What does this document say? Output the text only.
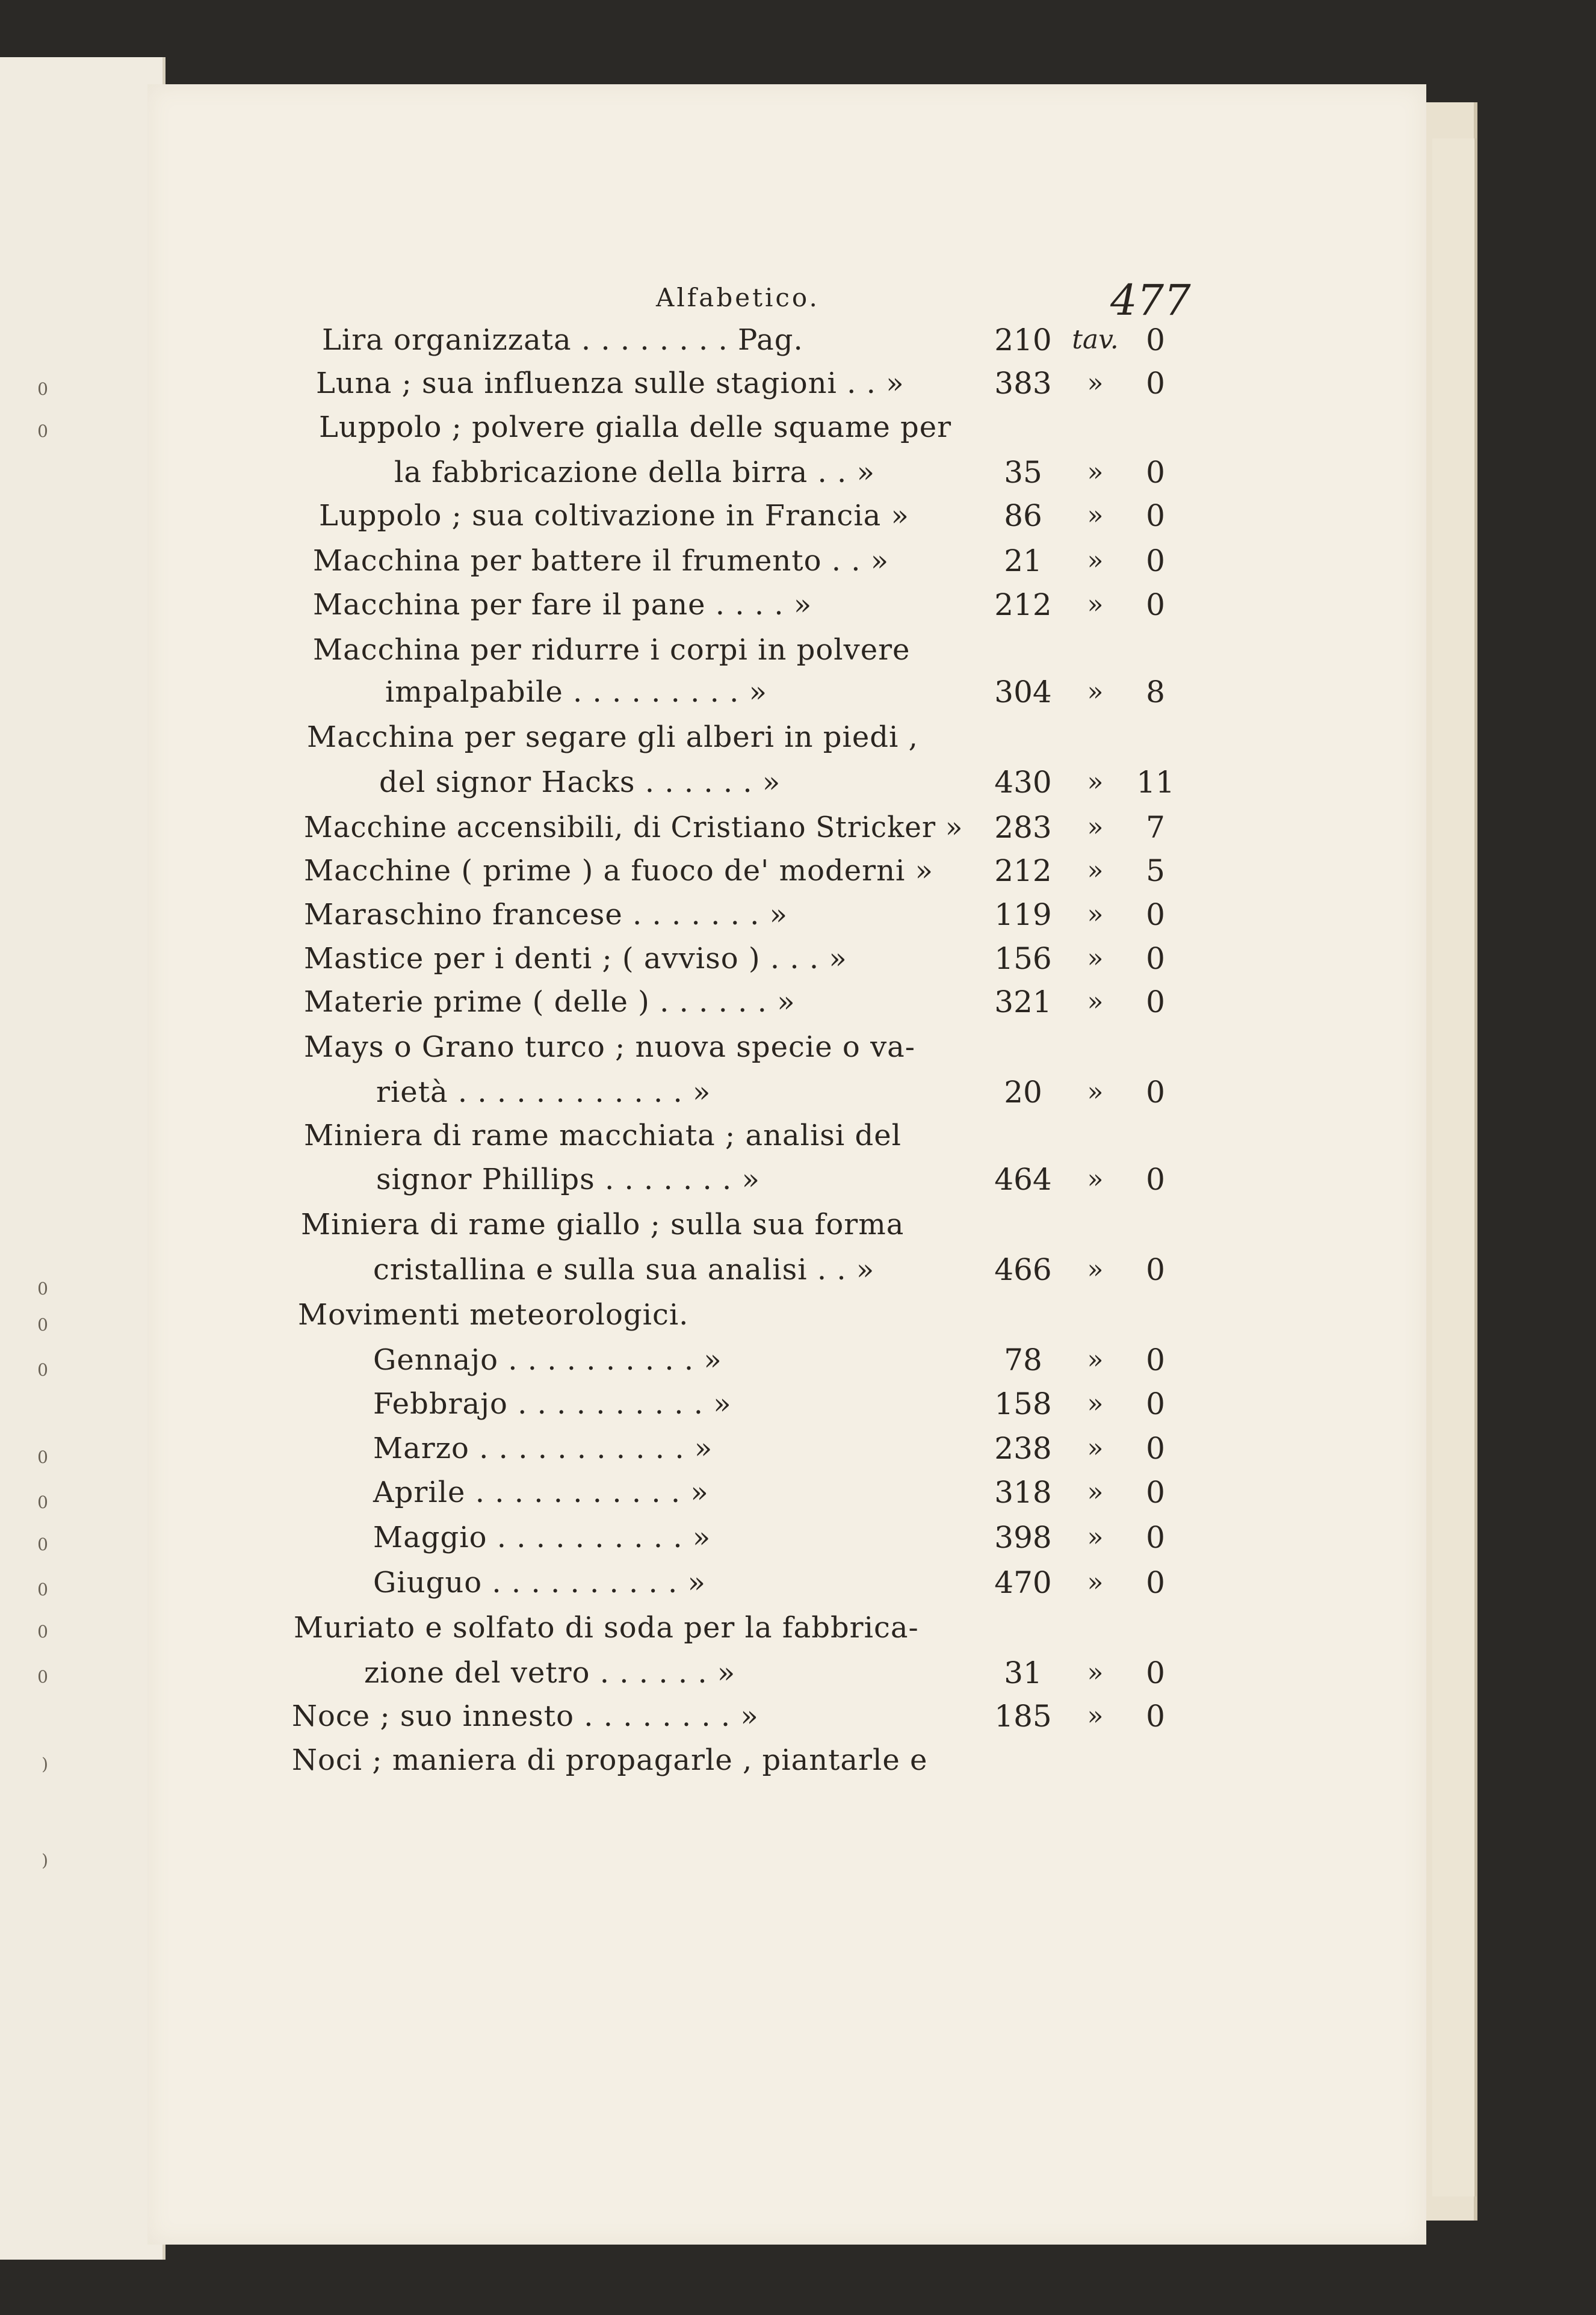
0
0
0
0
0
0
0
0
0
0
0
)
)
Alfabetico.	477
Lira organizzata . . . . . . . . Pag.	210 tav. 0
Luna ; sua influenza sulle stagioni . . »	383	»	0
Luppolo ; polvere gialla delle squame per
la fabbricazione della birra . . »	35	»	0
Luppolo ; sua coltivazione in Francia »	86	»	0
Macchina per battere il frumento . . »	21	»	0
Macchina per fare il pane . . . . »	212	»	0
Macchina per ridurre i corpi in polvere
impalpabile . . . . . . . . . »	304	»	8
Macchina per segare gli alberi in piedi ,
del signor Hacks . . . . . . »	430	»	11
Macchine accensibili, di Cristiano Stricker »	283	»	7
Macchine ( prime ) a fuoco de' moderni »	212	»	5
Maraschino francese . . . . . . . »	119	»	0
Mastice per i denti ; ( avviso ) . . . »	156	»	0
Materie prime ( delle ) . . . . . . »	321	»	0
Mays o Grano turco ; nuova specie o va-
rietà . . . . . . . . . . . . »	20	»	0
Miniera di rame macchiata ; analisi del
signor Phillips . . . . . . . »	464	»	0
Miniera di rame giallo ; sulla sua forma
cristallina e sulla sua analisi . . »	466	»	0
Movimenti meteorologici.
Gennajo . . . . . . . . . . »	78	»	0
Febbrajo . . . . . . . . . . »	158	»	0
Marzo . . . . . . . . . . . »	238	»	0
Aprile . . . . . . . . . . . »	318	»	0
Maggio . . . . . . . . . . »	398	»	0
Giuguo . . . . . . . . . . »	470	»	0
Muriato e solfato di soda per la fabbrica-
zione del vetro . . . . . . »	31	»	0
Noce ; suo innesto . . . . . . . . »	185	»	0
Noci ; maniera di propagarle , piantarle e
